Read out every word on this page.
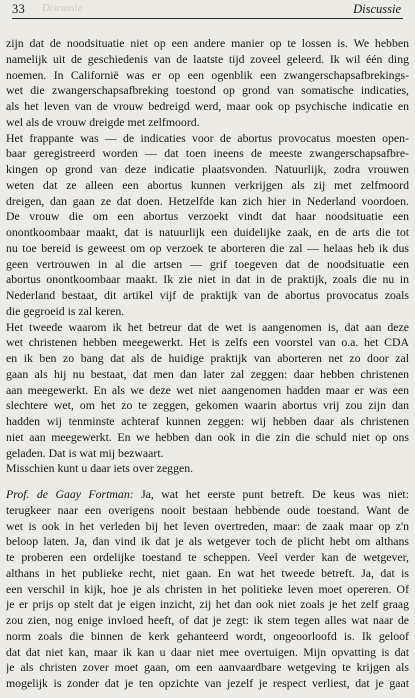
33 Discussie	Discussie
zijn dat de noodsituatie niet op een andere manier op te lossen is. We hebben
namelijk uit de geschiedenis van de laatste tijd zoveel geleerd. Ik wil één ding
noemen. In Californië was er op een ogenblik een zwangerschapsafbrekings-
wet die zwangerschapsafbreking toestond op grond van somatische indicaties,
als het leven van de vrouw bedreigd werd, maar ook op psychische indicatie en
wel als de vrouw dreigde met zelfmoord.
Het frappante was — de indicaties voor de abortus provocatus moesten open-
baar geregistreerd worden — dat toen ineens de meeste zwangerschapsafbre-
kingen op grond van deze indicatie plaatsvonden. Natuurlijk, zodra vrouwen
weten dat ze alleen een abortus kunnen verkrijgen als zij met zelfmoord
dreigen, dan gaan ze dat doen. Hetzelfde kan zich hier in Nederland voordoen.
De vrouw die om een abortus verzoekt vindt dat haar noodsituatie een
onontkoombaar maakt, dat is natuurlijk een duidelijke zaak, en de arts die tot
nu toe bereid is geweest om op verzoek te aborteren die zal — helaas heb ik dus
geen vertrouwen in al die artsen — grif toegeven dat de noodsituatie een
abortus onontkoombaar maakt. Ik zie niet in dat in de praktijk, zoals die nu in
Nederland bestaat, dit artikel vijf de praktijk van de abortus provocatus zoals
die gegroeid is zal keren.
Het tweede waarom ik het betreur dat de wet is aangenomen is, dat aan deze
wet christenen hebben meegewerkt. Het is zelfs een voorstel van o.a. het CDA
en ik ben zo bang dat als de huidige praktijk van aborteren net zo door zal
gaan als hij nu bestaat, dat men dan later zal zeggen: daar hebben christenen
aan meegewerkt. En als we deze wet niet aangenomen hadden maar er was een
slechtere wet, om het zo te zeggen, gekomen waarin abortus vrij zou zijn dan
hadden wij tenminste achteraf kunnen zeggen: wij hebben daar als christenen
niet aan meegewerkt. En we hebben dan ook in die zin die schuld niet op ons
geladen. Dat is wat mij bezwaart.
Misschien kunt u daar iets over zeggen.
Prof. de Gaay Fortman: Ja, wat het eerste punt betreft. De keus was niet:
terugkeer naar een overigens nooit bestaan hebbende oude toestand. Want de
wet is ook in het verleden bij het leven overtreden, maar: de zaak maar op z'n
beloop laten. Ja, dan vind ik dat je als wetgever toch de plicht hebt om althans
te proberen een ordelijke toestand te scheppen. Veel verder kan de wetgever,
althans in het publieke recht, niet gaan. En wat het tweede betreft. Ja, dat is
een verschil in kijk, hoe je als christen in het politieke leven moet opereren. Of
je er prijs op stelt dat je eigen inzicht, zij het dan ook niet zoals je het zelf graag
zou zien, nog enige invloed heeft, of dat je zegt: ik stem tegen alles wat naar de
norm zoals die binnen de kerk gehanteerd wordt, ongeoorloofd is. Ik geloof
dat dat niet kan, maar ik kan u daar niet mee overtuigen. Mijn opvatting is dat
je als christen zover moet gaan, om een aanvaardbare wetgeving te krijgen als
mogelijk is zonder dat je ten opzichte van jezelf je respect verliest, dat je gaat
